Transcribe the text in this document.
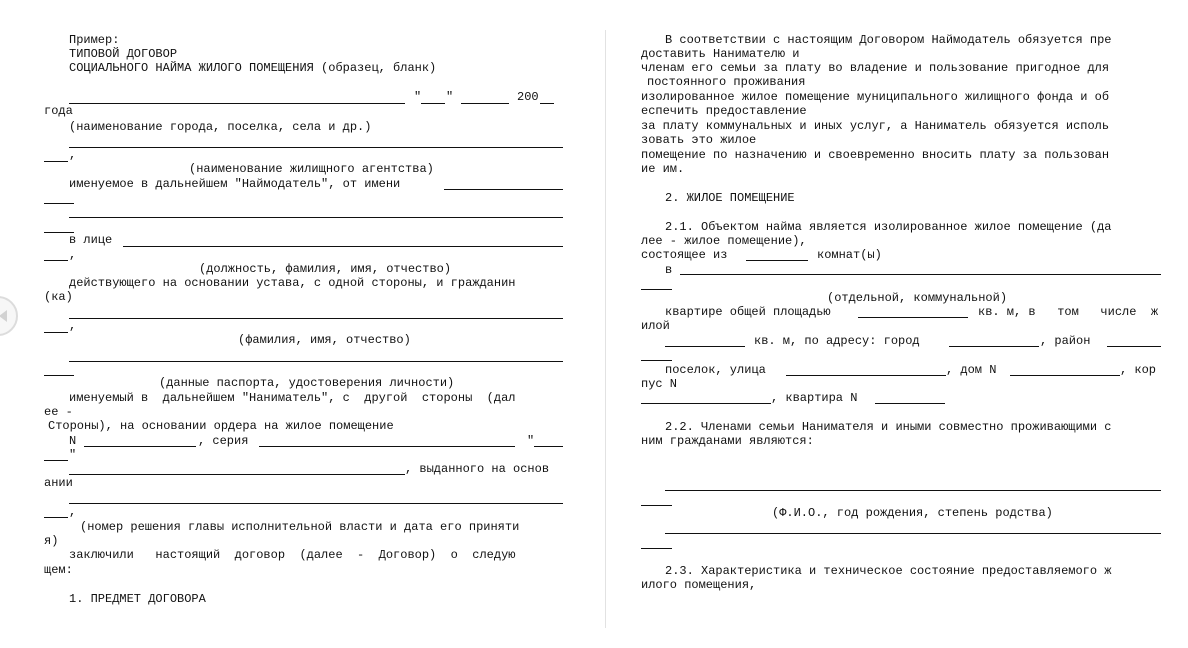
Пример:
ТИПОВОЙ ДОГОВОР
СОЦИАЛЬНОГО НАЙМА ЖИЛОГО ПОМЕЩЕНИЯ (образец, бланк)
" "	200
года
(наименование города, поселка, села и др.)
,
(наименование жилищного агентства)
именуемое в дальнейшем "Наймодатель", от имени
в лице
,
(должность, фамилия, имя, отчество)
действующего на основании устава, с одной стороны, и гражданин
(ка)
,
(фамилия, имя, отчество)
(данные паспорта, удостоверения личности)
именуемый в  дальнейшем "Наниматель", с  другой  стороны  (дал
ее -
Стороны), на основании ордера на жилое помещение
N	, серия	"
"
, выданного на основ
ании
,
(номер решения главы исполнительной власти и дата его приняти
я)
заключили   настоящий  договор  (далее  -  Договор)  о  следую
щем:
1. ПРЕДМЕТ ДОГОВОРА
В соответствии с настоящим Договором Наймодатель обязуется пре
доставить Нанимателю и
членам его семьи за плату во владение и пользование пригодное для
постоянного проживания
изолированное жилое помещение муниципального жилищного фонда и об
еспечить предоставление
за плату коммунальных и иных услуг, а Наниматель обязуется исполь
зовать это жилое
помещение по назначению и своевременно вносить плату за пользован
ие им.
2. ЖИЛОЕ ПОМЕЩЕНИЕ
2.1. Объектом найма является изолированное жилое помещение (да
лее - жилое помещение),
состоящее из	комнат(ы)
в
(отдельной, коммунальной)
квартире общей площадью	кв. м, в   том   числе  ж
илой
кв. м, по адресу: город	, район
поселок, улица	, дом N	, кор
пус N
, квартира N
2.2. Членами семьи Нанимателя и иными совместно проживающими с
ним гражданами являются:
(Ф.И.О., год рождения, степень родства)
2.3. Характеристика и техническое состояние предоставляемого ж
илого помещения,
